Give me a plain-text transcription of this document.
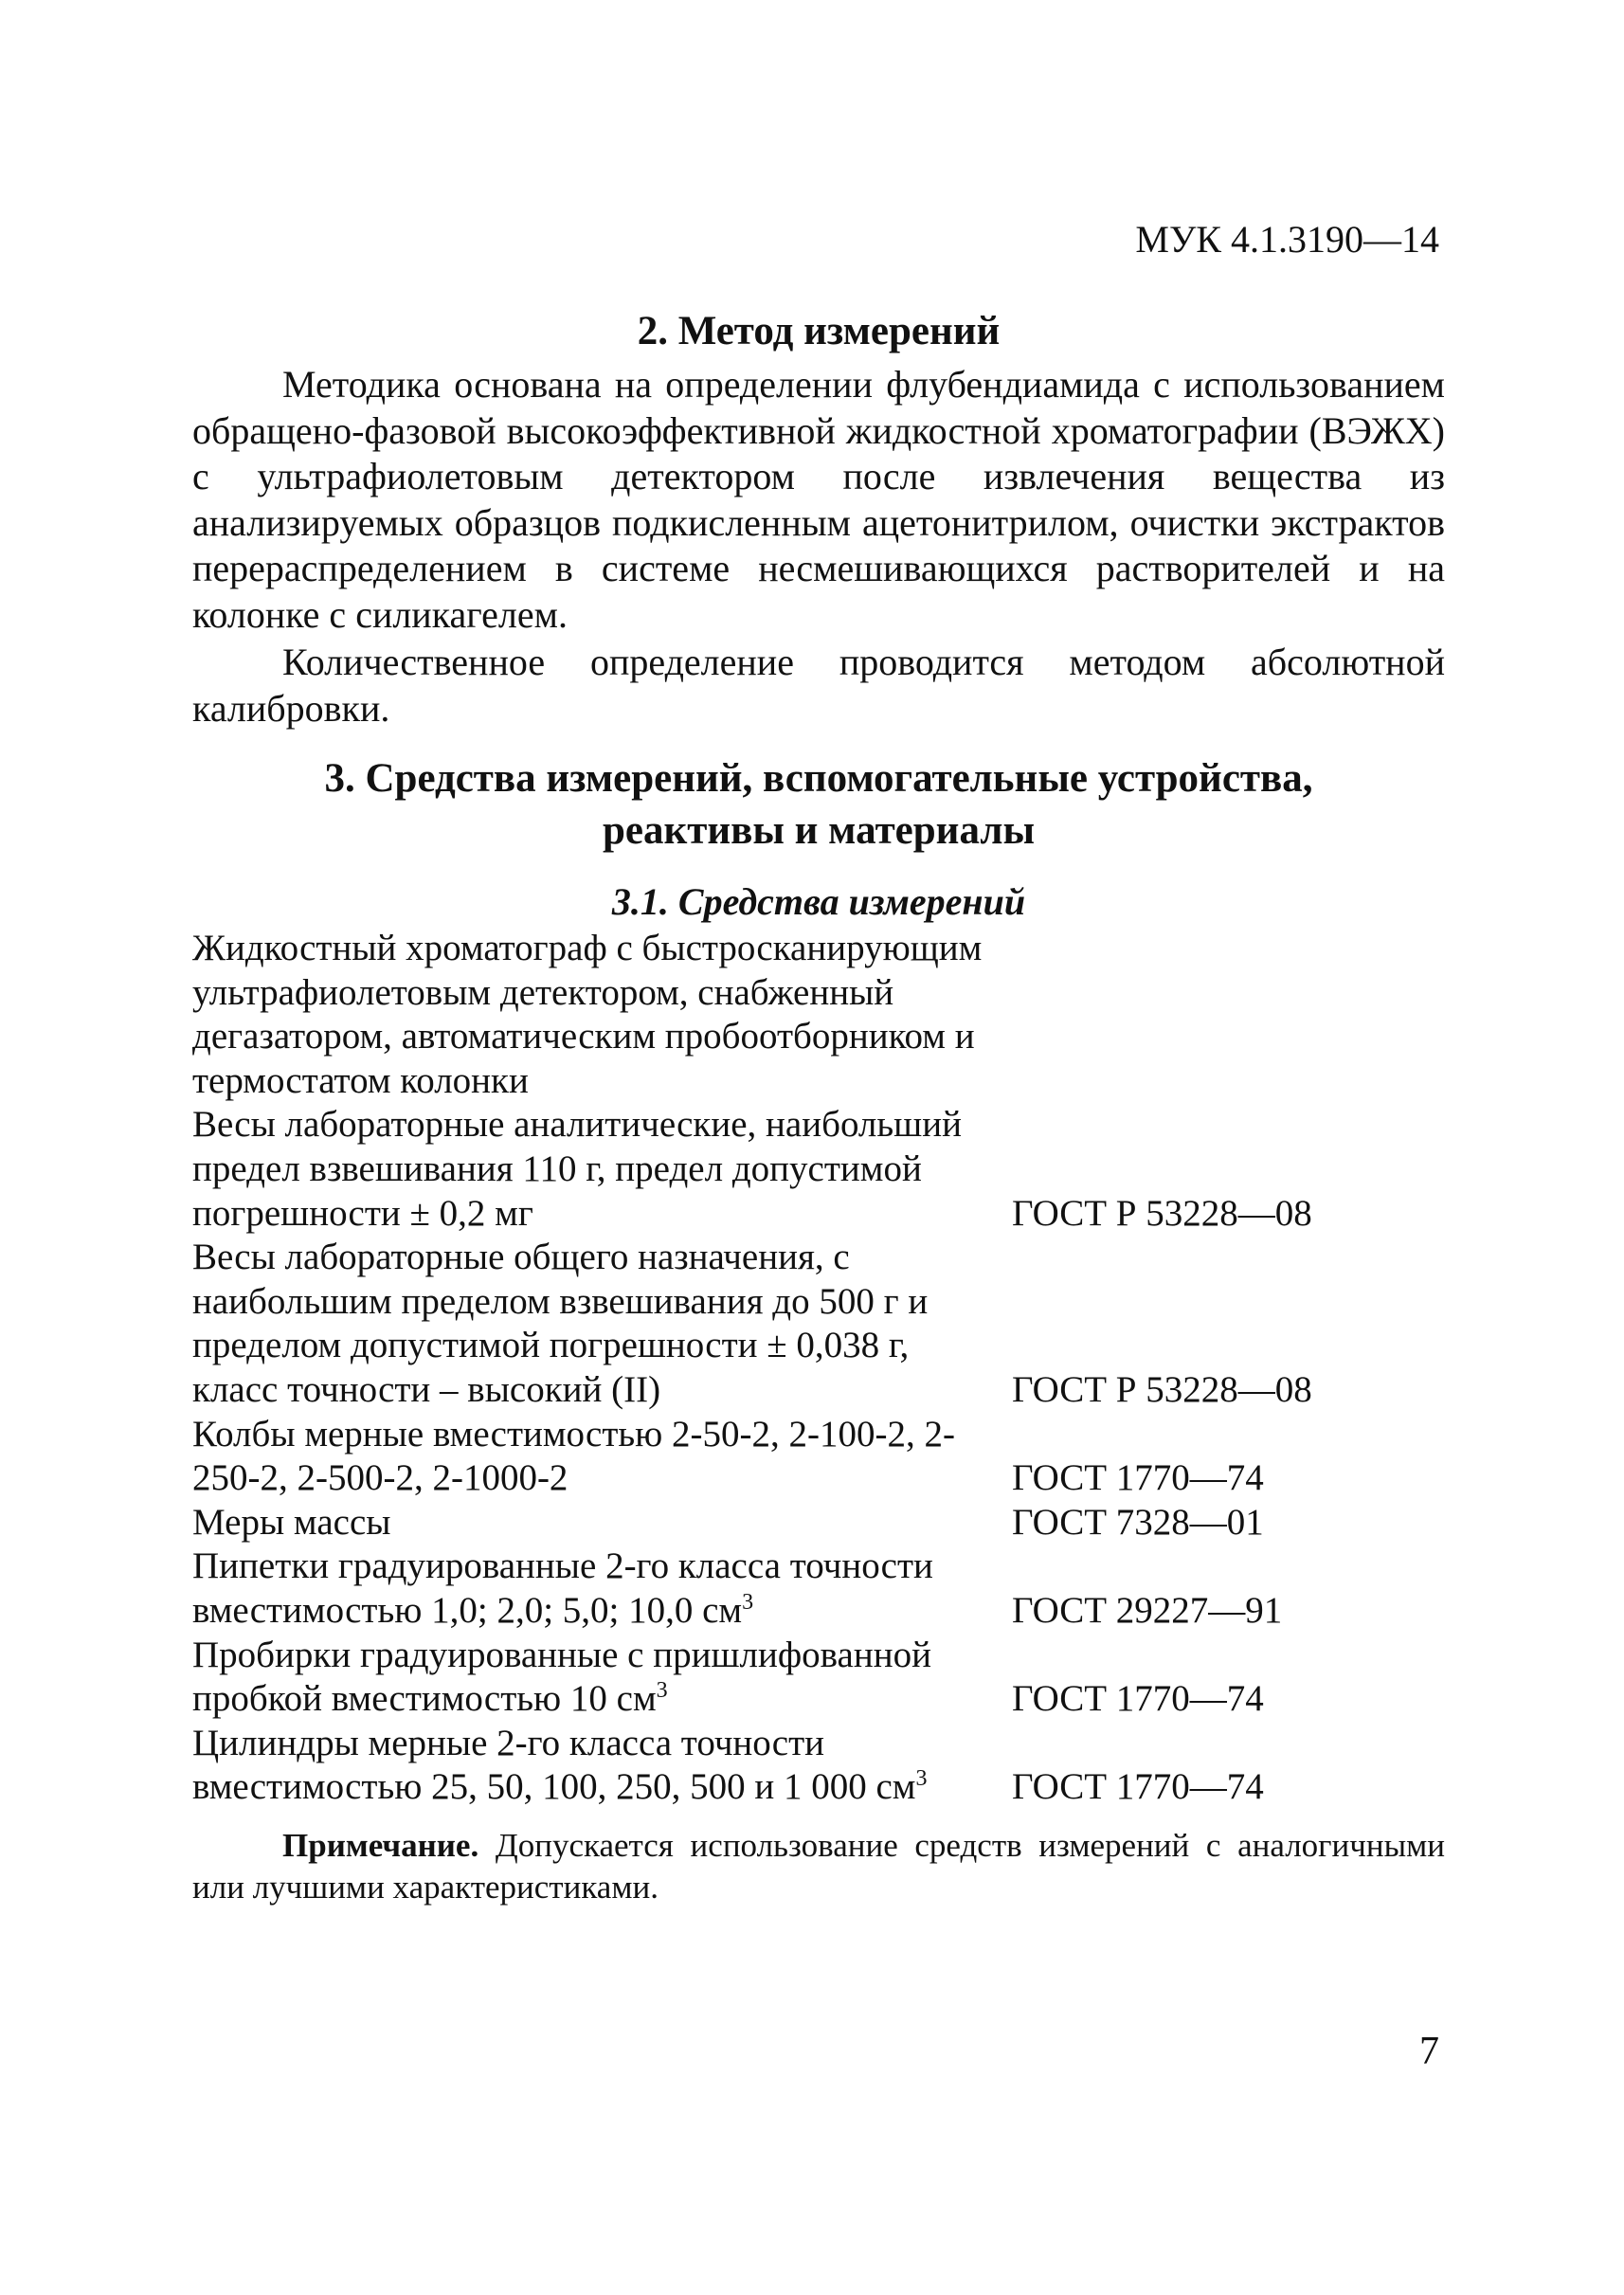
МУК 4.1.3190—14
2. Метод измерений

Методика основана на определении флубендиамида с использованием обращено-фазовой высокоэффективной жидкостной хроматографии (ВЭЖХ) с ультрафиолетовым детектором после извлечения вещества из анализируемых образцов подкисленным ацетонитрилом, очистки экстрактов перераспределением в системе несмешивающихся растворителей и на колонке с силикагелем.

Количественное определение проводится методом абсолютной калибровки.

3. Средства измерений, вспомогательные устройства,
реактивы и материалы
3.1. Средства измерений
Жидкостный хроматограф с быстросканирующим ультрафиолетовым детектором, снабженный дегазатором, автоматическим пробоотборником и термостатом колонки
Весы лабораторные аналитические, наибольший предел взвешивания 110 г, предел допустимой погрешности ± 0,2 мг	ГОСТ Р 53228—08
Весы лабораторные общего назначения, с наибольшим пределом взвешивания до 500 г и пределом допустимой погрешности ± 0,038 г, класс точности – высокий (II)	ГОСТ Р 53228—08
Колбы мерные вместимостью 2-50-2, 2-100-2, 2-250-2, 2-500-2, 2-1000-2	ГОСТ 1770—74
Меры массы	ГОСТ 7328—01
Пипетки градуированные 2-го класса точности вместимостью 1,0; 2,0; 5,0; 10,0 $см^3$	ГОСТ 29227—91
Пробирки градуированные с пришлифованной пробкой вместимостью 10 $см^3$	ГОСТ 1770—74
Цилиндры мерные 2-го класса точности вместимостью 25, 50, 100, 250, 500 и 1 000 $см^3$	ГОСТ 1770—74
Примечание. Допускается использование средств измерений с аналогичными или лучшими характеристиками.
7
